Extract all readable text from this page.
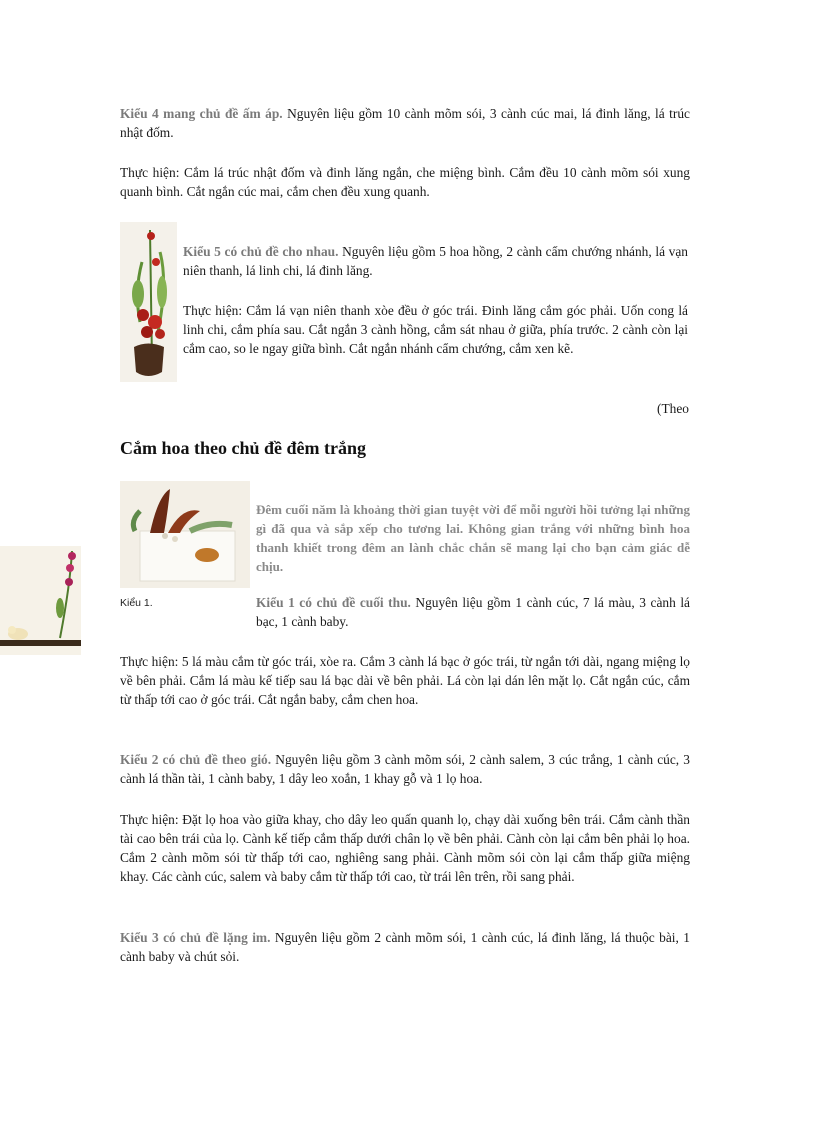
Kiểu 4 mang chủ đề ấm áp. Nguyên liệu gồm 10 cành mõm sói, 3 cành cúc mai, lá đinh lăng, lá trúc nhật đốm.
Thực hiện: Cắm lá trúc nhật đốm và đinh lăng ngắn, che miệng bình. Cắm đều 10 cành mõm sói xung quanh bình. Cắt ngắn cúc mai, cắm chen đều xung quanh.
Kiểu 5 có chủ đề cho nhau. Nguyên liệu gồm 5 hoa hồng, 2 cành cẩm chướng nhánh, lá vạn niên thanh, lá linh chi, lá đinh lăng.
Thực hiện: Cắm lá vạn niên thanh xòe đều ở góc trái. Đinh lăng cắm góc phải. Uốn cong lá linh chi, cắm phía sau. Cắt ngắn 3 cành hồng, cắm sát nhau ở giữa, phía trước. 2 cành còn lại cắm cao, so le ngay giữa bình. Cắt ngắn nhánh cẩm chướng, cắm xen kẽ.
(Theo
Cắm hoa theo chủ đề đêm trắng
Đêm cuối năm là khoảng thời gian tuyệt vời để mỗi người hồi tưởng lại những gì đã qua và sắp xếp cho tương lai. Không gian trắng với những bình hoa thanh khiết trong đêm an lành chắc chắn sẽ mang lại cho bạn cảm giác dễ chịu.
Kiểu 1.	Kiểu 1 có chủ đề cuối thu. Nguyên liệu gồm 1 cành cúc, 7 lá màu, 3 cành lá bạc, 1 cành baby.
Thực hiện: 5 lá màu cắm từ góc trái, xòe ra. Cắm 3 cành lá bạc ở góc trái, từ ngắn tới dài, ngang miệng lọ về bên phải. Cắm lá màu kế tiếp sau lá bạc dài về bên phải. Lá còn lại dán lên mặt lọ. Cắt ngắn cúc, cắm từ thấp tới cao ở góc trái. Cắt ngắn baby, cắm chen hoa.
Kiểu 2 có chủ đề theo gió. Nguyên liệu gồm 3 cành mõm sói, 2 cành salem, 3 cúc trắng, 1 cành cúc, 3 cành lá thần tài, 1 cành baby, 1 dây leo xoắn, 1 khay gỗ và 1 lọ hoa.
Thực hiện: Đặt lọ hoa vào giữa khay, cho dây leo quấn quanh lọ, chạy dài xuống bên trái. Cắm cành thần tài cao bên trái của lọ. Cành kế tiếp cắm thấp dưới chân lọ về bên phải. Cành còn lại cắm bên phải lọ hoa. Cắm 2 cành mõm sói từ thấp tới cao, nghiêng sang phải. Cành mõm sói còn lại cắm thấp giữa miệng khay. Các cành cúc, salem và baby cắm từ thấp tới cao, từ trái lên trên, rồi sang phải.
Kiểu 3 có chủ đề lặng im. Nguyên liệu gồm 2 cành mõm sói, 1 cành cúc, lá đinh lăng, lá thuộc bài, 1 cành baby và chút sỏi.
